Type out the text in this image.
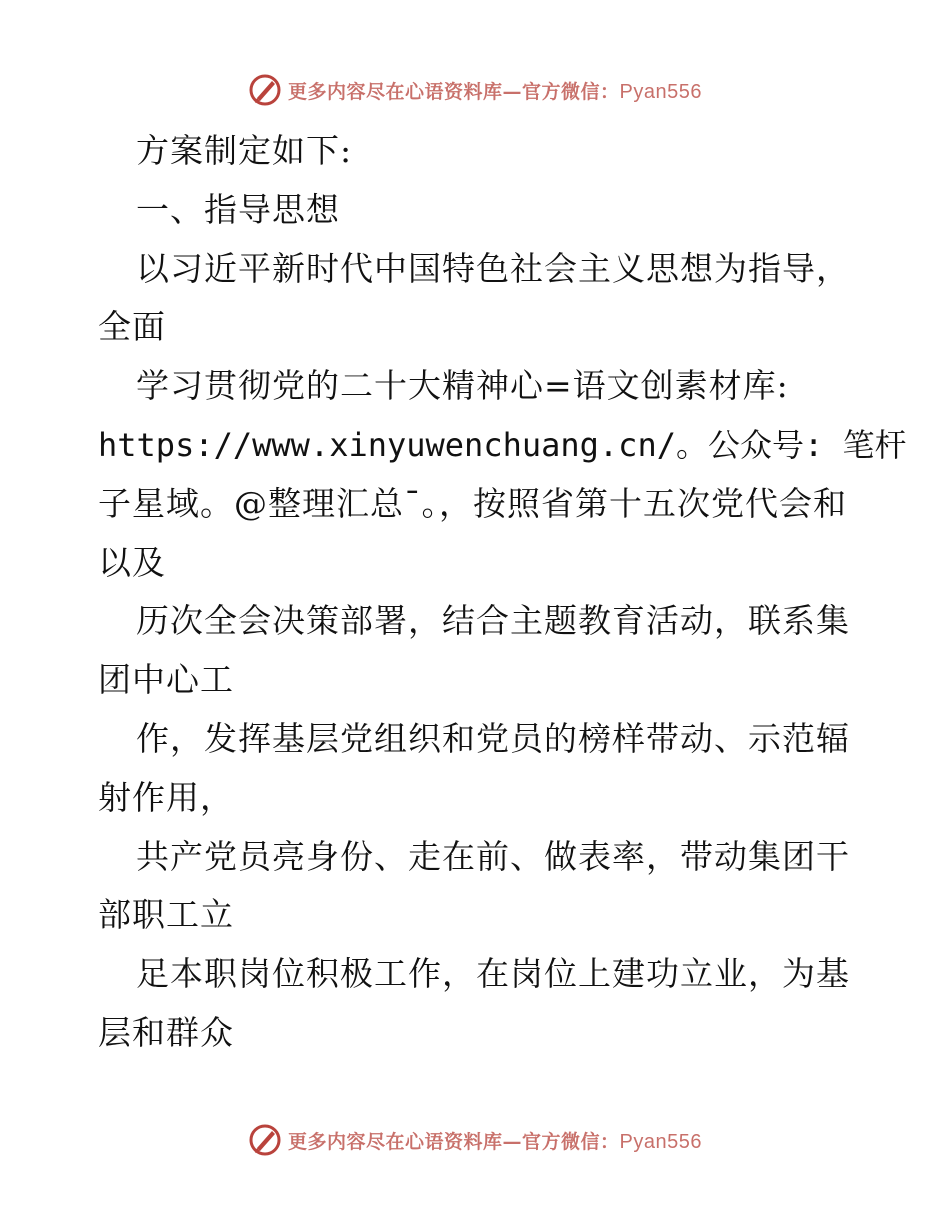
更多内容尽在心语资料库—官方微信：Pyan556
方案制定如下:
一、指导思想
以习近平新时代中国特色社会主义思想为指导，
全面
学习贯彻党的二十大精神心=语文创素材库:
https://www.xinyuwenchuang.cn/。公众号: 笔杆
子星域。@整理汇总¯。，按照省第十五次党代会和
以及
历次全会决策部署，结合主题教育活动，联系集
团中心工
作，发挥基层党组织和党员的榜样带动、示范辐
射作用，
共产党员亮身份、走在前、做表率，带动集团干
部职工立
足本职岗位积极工作，在岗位上建功立业，为基
层和群众
更多内容尽在心语资料库—官方微信：Pyan556
